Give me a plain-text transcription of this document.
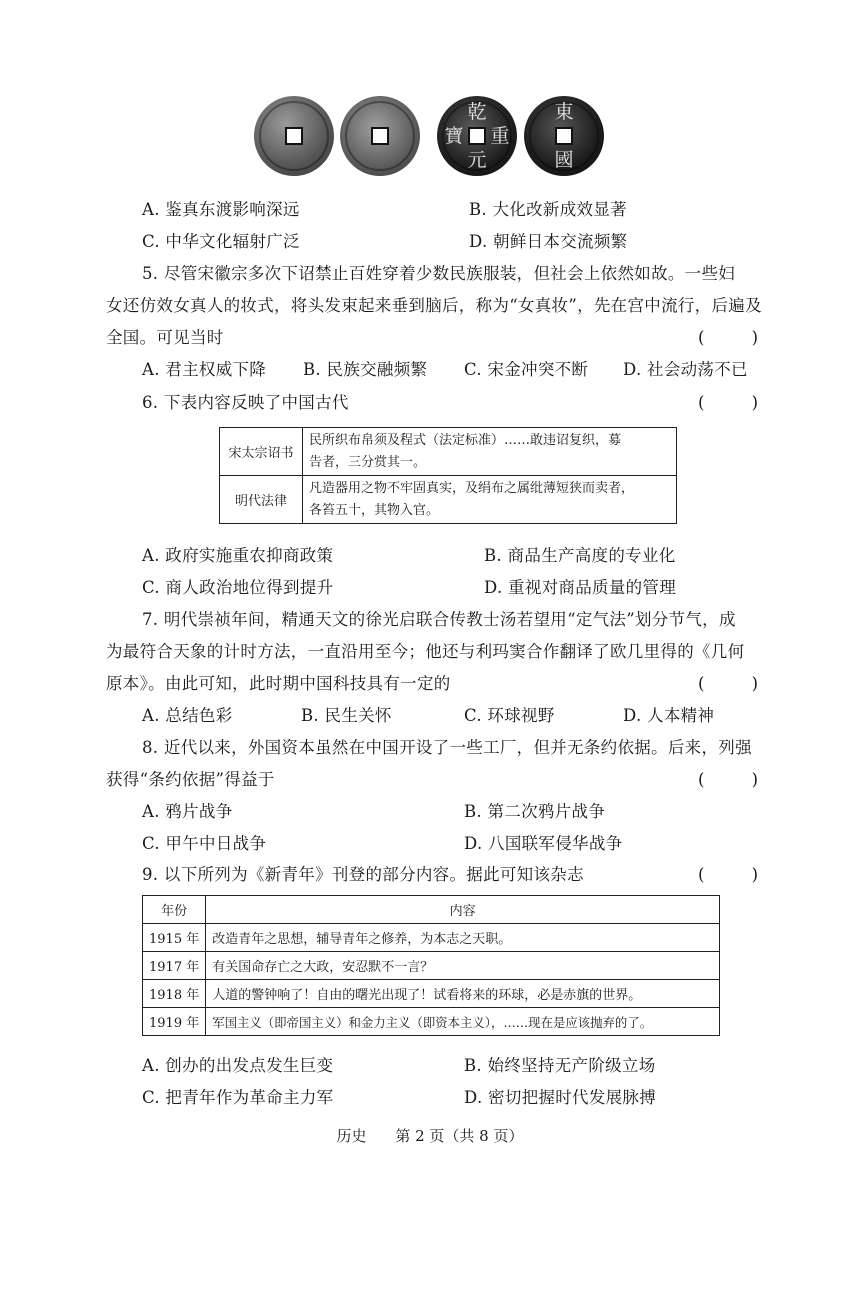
乾
元
寶 重
東
國
A. 鉴真东渡影响深远	B. 大化改新成效显著
C. 中华文化辐射广泛	D. 朝鲜日本交流频繁
5. 尽管宋徽宗多次下诏禁止百姓穿着少数民族服装，但社会上依然如故。一些妇
女还仿效女真人的妆式，将头发束起来垂到脑后，称为“女真妆”，先在宫中流行，后遍及
全国。可见当时	(	)
A. 君主权威下降 B. 民族交融频繁 C. 宋金冲突不断 D. 社会动荡不已
6. 下表内容反映了中国古代	(	)
宋太宗诏书	民所织布帛须及程式（法定标准）……敢违诏复织，募
告者，三分赏其一。

明代法律	凡造器用之物不牢固真实，及绢布之属纰薄短狭而卖者，
各笞五十，其物入官。
A. 政府实施重农抑商政策	B. 商品生产高度的专业化
C. 商人政治地位得到提升	D. 重视对商品质量的管理
7. 明代崇祯年间，精通天文的徐光启联合传教士汤若望用“定气法”划分节气，成
为最符合天象的计时方法，一直沿用至今；他还与利玛窦合作翻译了欧几里得的《几何
原本》。由此可知，此时期中国科技具有一定的	(	)
A. 总结色彩	B. 民生关怀	C. 环球视野	D. 人本精神
8. 近代以来，外国资本虽然在中国开设了一些工厂，但并无条约依据。后来，列强
获得“条约依据”得益于	(	)
A. 鸦片战争	B. 第二次鸦片战争
C. 甲午中日战争	D. 八国联军侵华战争
9. 以下所列为《新青年》刊登的部分内容。据此可知该杂志	(	)
年份	内容
1915 年	改造青年之思想，辅导青年之修养，为本志之天职。
1917 年	有关国命存亡之大政，安忍默不一言？
1918 年	人道的警钟响了！自由的曙光出现了！试看将来的环球，必是赤旗的世界。
1919 年	军国主义（即帝国主义）和金力主义（即资本主义），……现在是应该抛弃的了。
A. 创办的出发点发生巨变	B. 始终坚持无产阶级立场
C. 把青年作为革命主力军	D. 密切把握时代发展脉搏
历史 第 2 页（共 8 页）
